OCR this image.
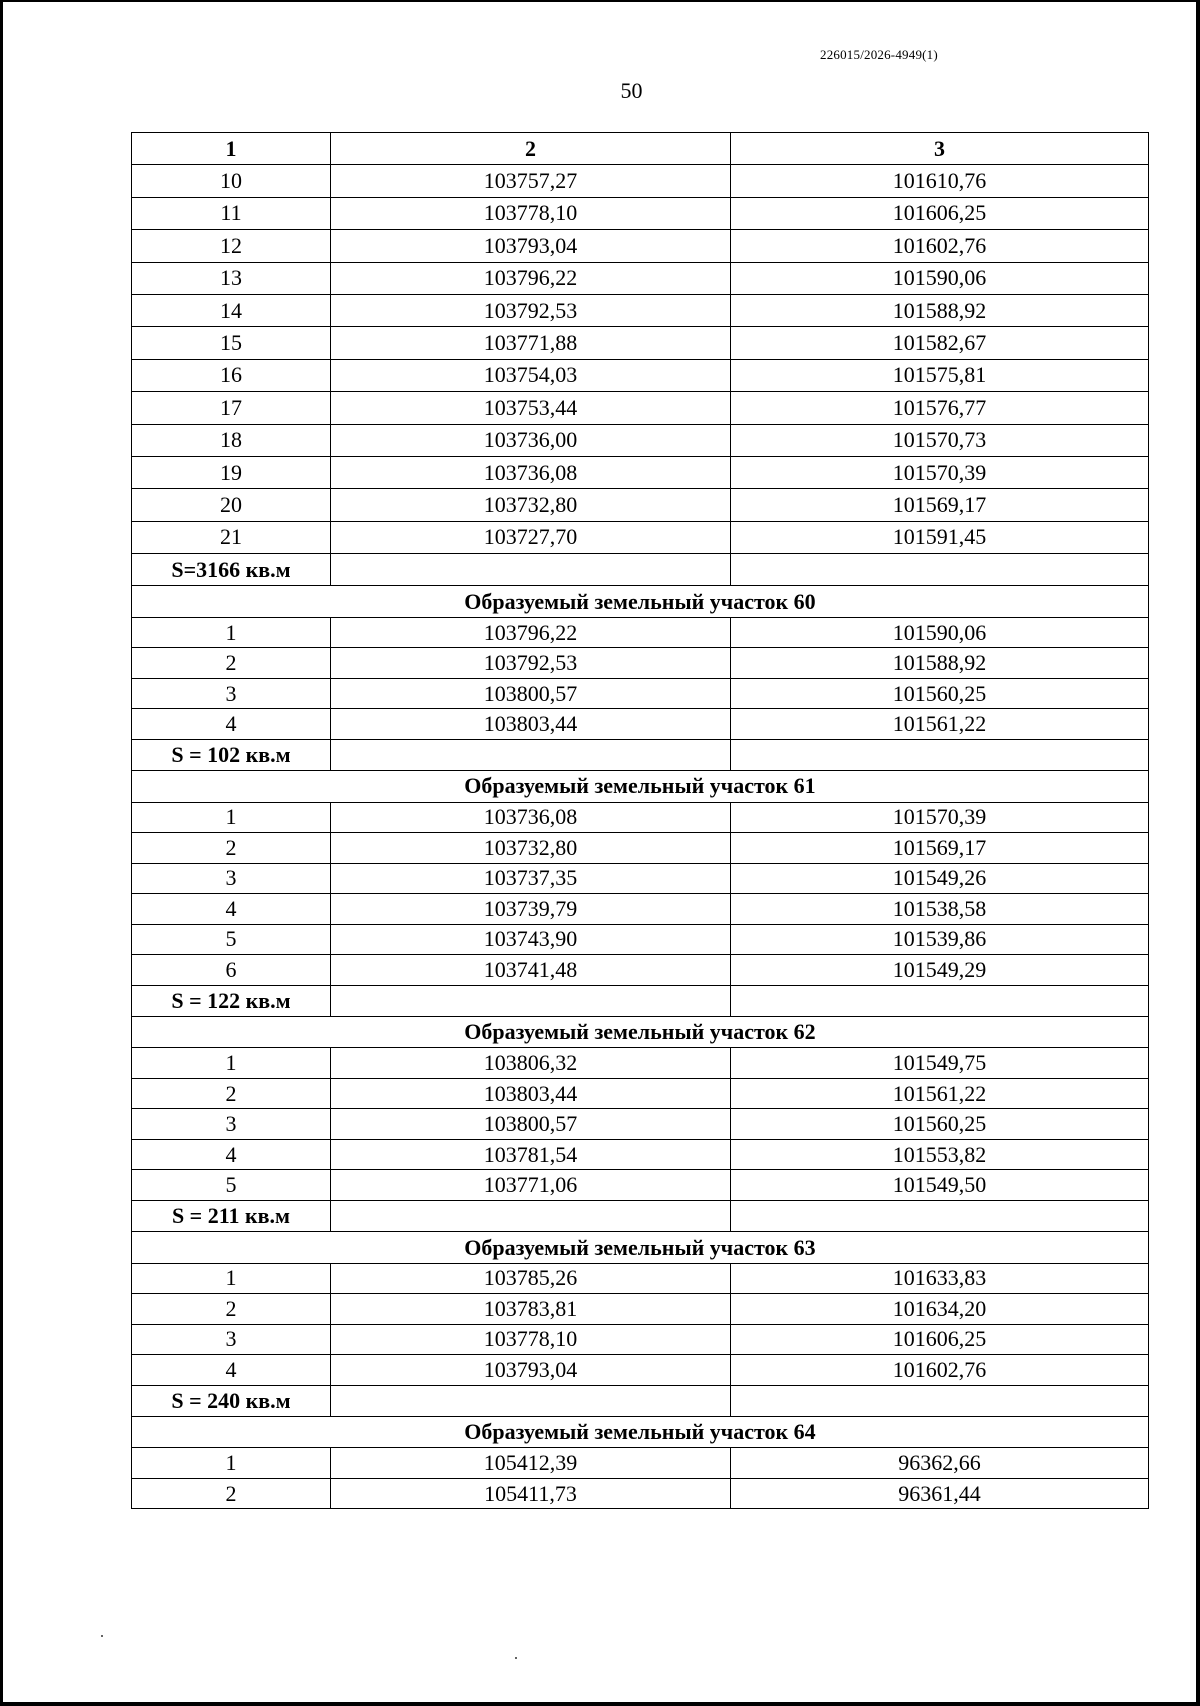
226015/2026-4949(1)
50
1	2	3
10	103757,27	101610,76
11	103778,10	101606,25
12	103793,04	101602,76
13	103796,22	101590,06
14	103792,53	101588,92
15	103771,88	101582,67
16	103754,03	101575,81
17	103753,44	101576,77
18	103736,00	101570,73
19	103736,08	101570,39
20	103732,80	101569,17
21	103727,70	101591,45
S=3166 кв.м		
Образуемый земельный участок 60		
1	103796,22	101590,06
2	103792,53	101588,92
3	103800,57	101560,25
4	103803,44	101561,22
S = 102 кв.м		
Образуемый земельный участок 61		
1	103736,08	101570,39
2	103732,80	101569,17
3	103737,35	101549,26
4	103739,79	101538,58
5	103743,90	101539,86
6	103741,48	101549,29
S = 122 кв.м		
Образуемый земельный участок 62		
1	103806,32	101549,75
2	103803,44	101561,22
3	103800,57	101560,25
4	103781,54	101553,82
5	103771,06	101549,50
S = 211 кв.м		
Образуемый земельный участок 63		
1	103785,26	101633,83
2	103783,81	101634,20
3	103778,10	101606,25
4	103793,04	101602,76
S = 240 кв.м		
Образуемый земельный участок 64		
1	105412,39	96362,66
2	105411,73	96361,44
